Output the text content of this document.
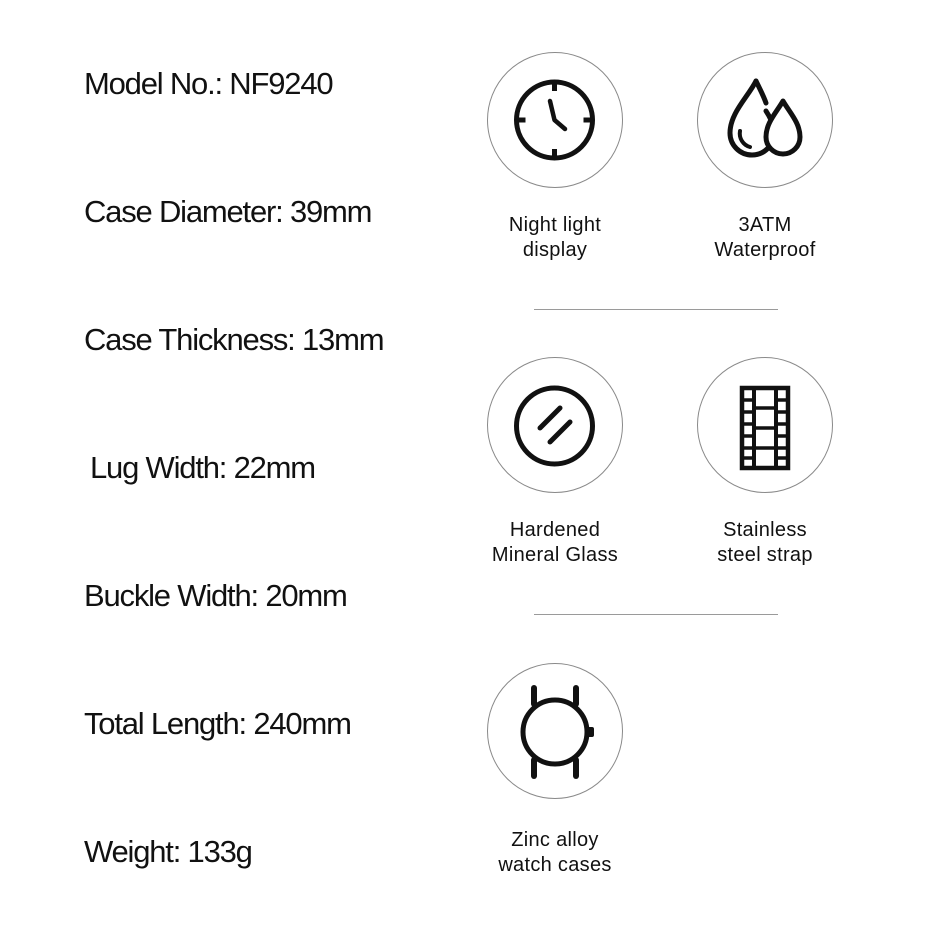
Model No.: NF9240
Case Diameter: 39mm
Case Thickness: 13mm
Lug Width: 22mm
Buckle Width: 20mm
Total Length: 240mm
Weight: 133g
Night light
display
3ATM
Waterproof
Hardened
Mineral Glass
Stainless
steel strap
Zinc alloy
watch cases
